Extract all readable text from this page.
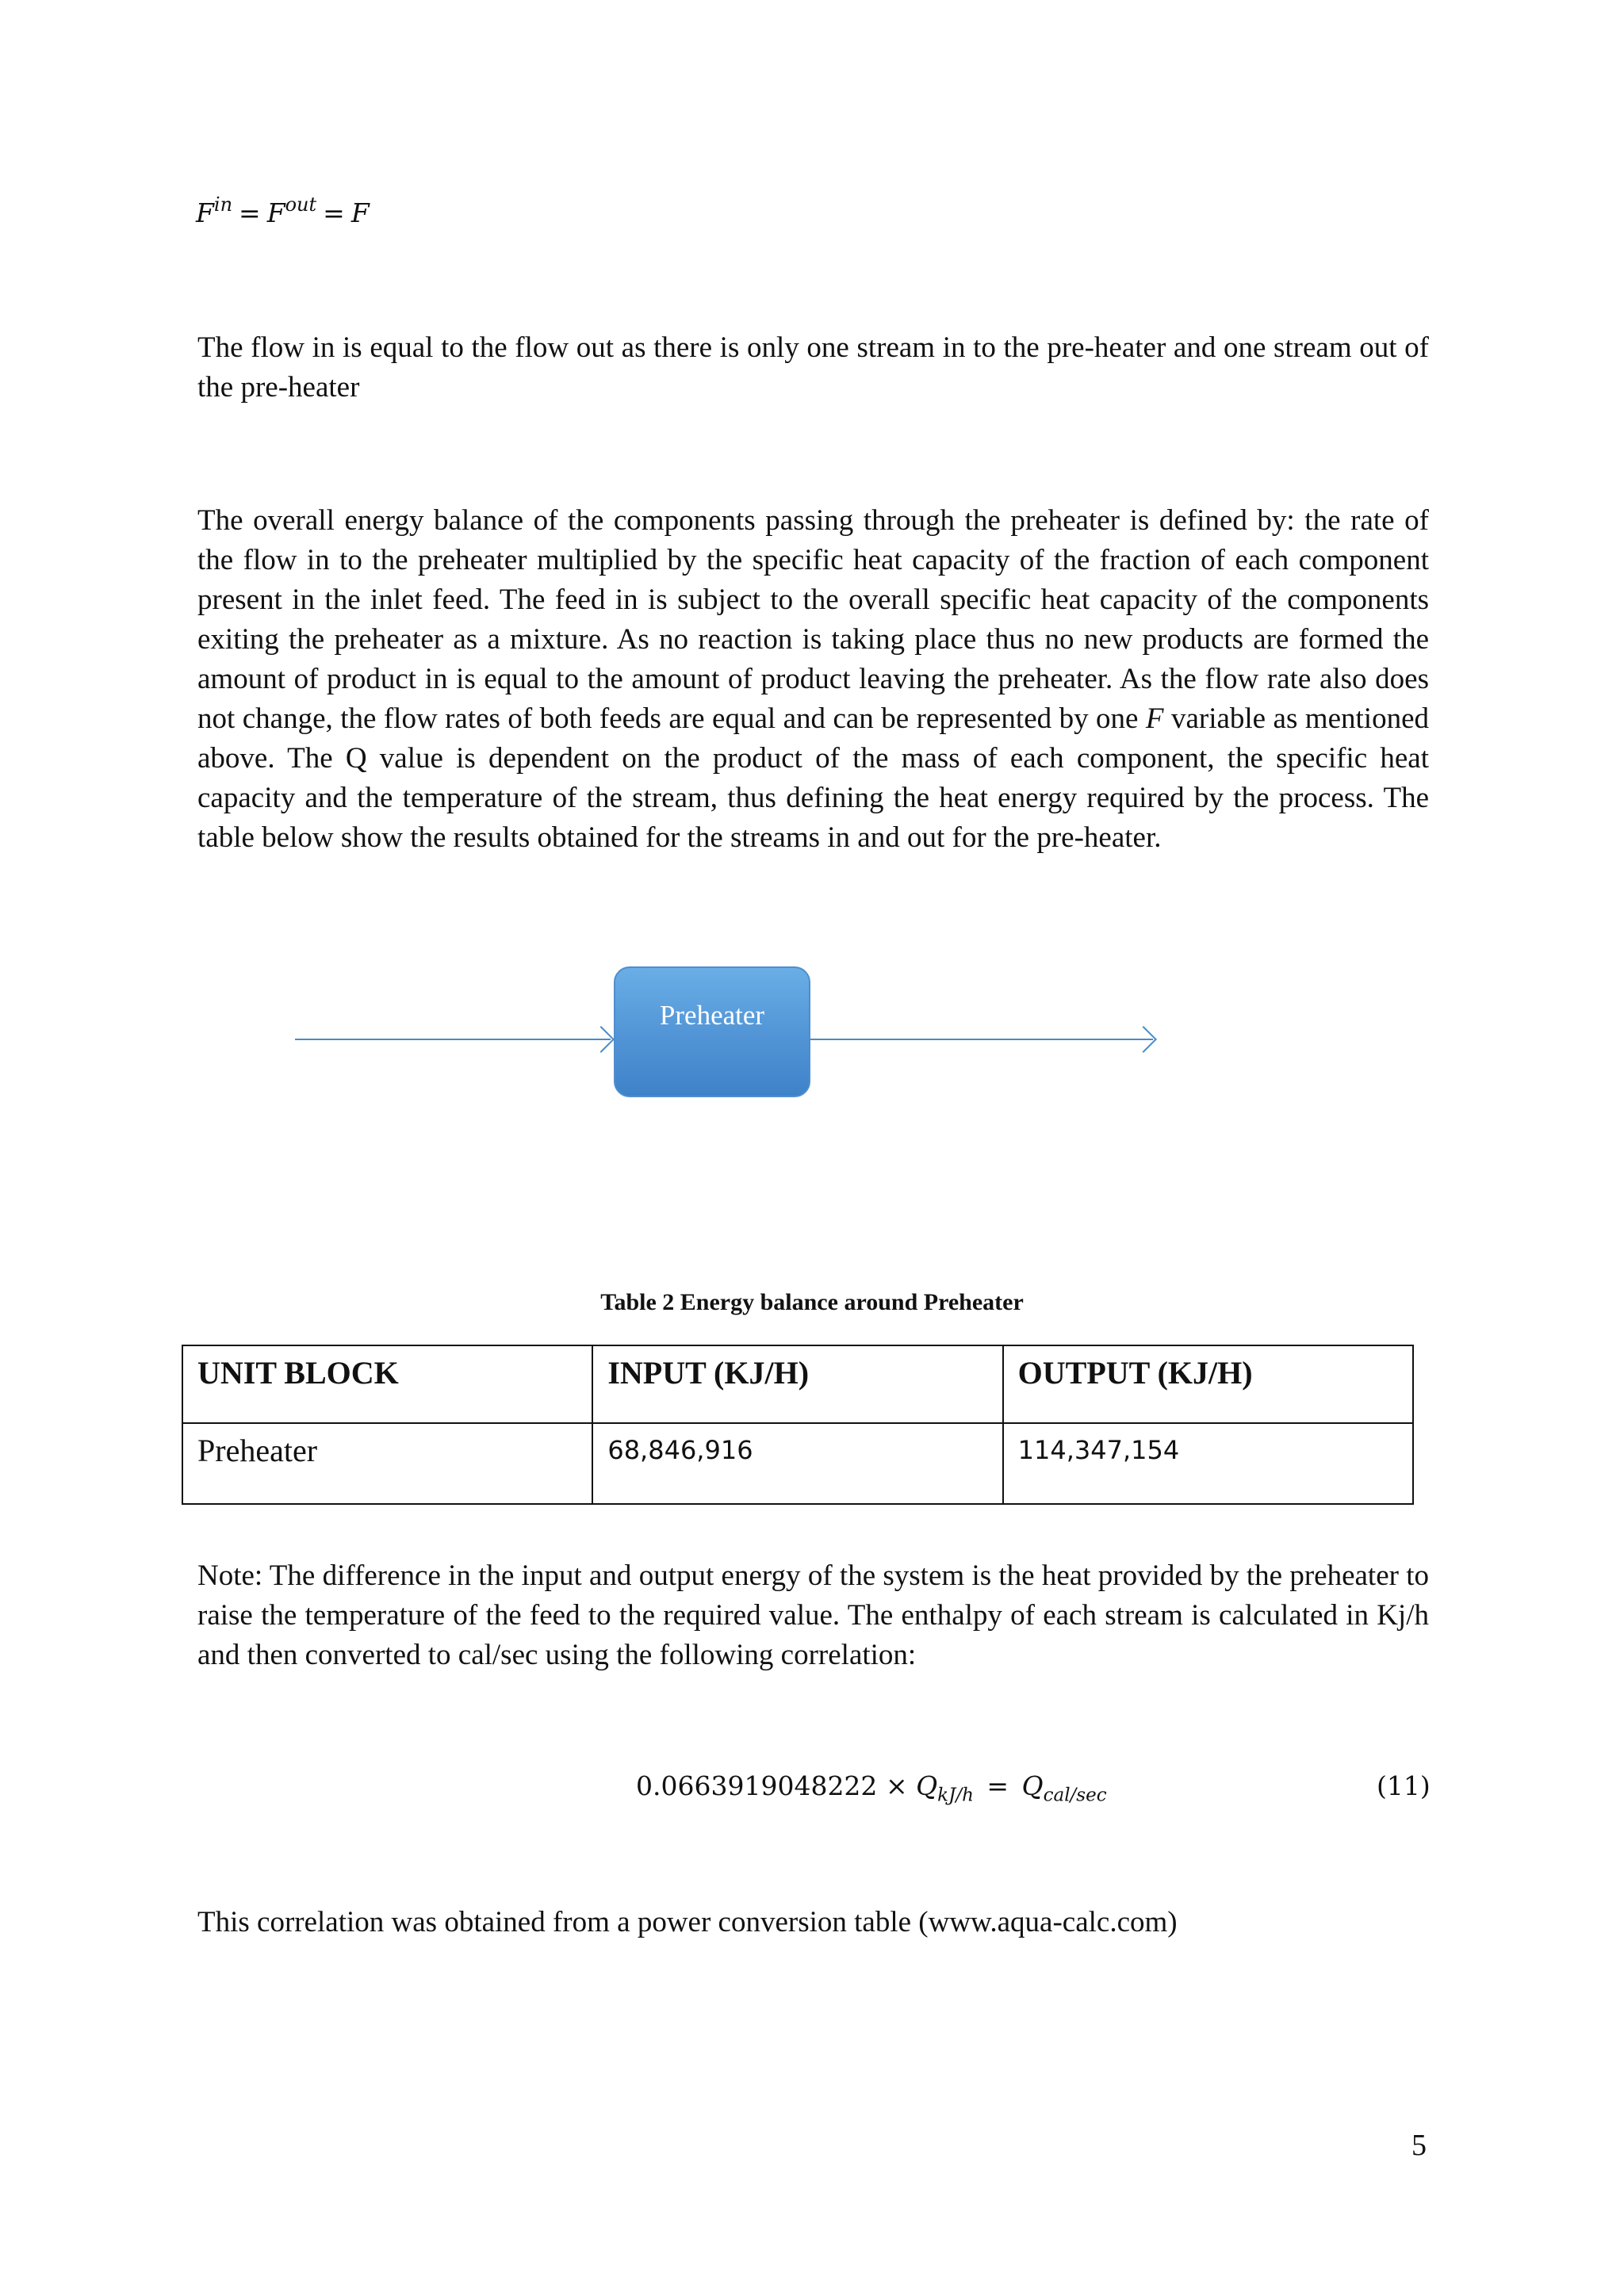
$F^{in} = F^{out} = F$

The flow in is equal to the flow out as there is only one stream in to the pre-heater and one stream out of the pre-heater

The overall energy balance of the components passing through the preheater is defined by: the rate of the flow in to the preheater multiplied by the specific heat capacity of the fraction of each component present in the inlet feed. The feed in is subject to the overall specific heat capacity of the components exiting the preheater as a mixture. As no reaction is taking place thus no new products are formed the amount of product in is equal to the amount of product leaving the preheater. As the flow rate also does not change, the flow rates of both feeds are equal and can be represented by one F variable as mentioned above. The Q value is dependent on the product of the mass of each component, the specific heat capacity and the temperature of the stream, thus defining the heat energy required by the process. The table below show the results obtained for the streams in and out for the pre-heater.

Preheater
Table 2 Energy balance around Preheater
UNIT BLOCK	INPUT (KJ/H)	OUTPUT (KJ/H)
Preheater	68,846,916	114,347,154

Note: The difference in the input and output energy of the system is the heat provided by the preheater to raise the temperature of the feed to the required value. The enthalpy of each stream is calculated in Kj/h and then converted to cal/sec using the following correlation:

$0.0663919048222 \times Q_{kJ/h} = Q_{cal/sec}$	(11)

This correlation was obtained from a power conversion table (www.aqua-calc.com)

5
